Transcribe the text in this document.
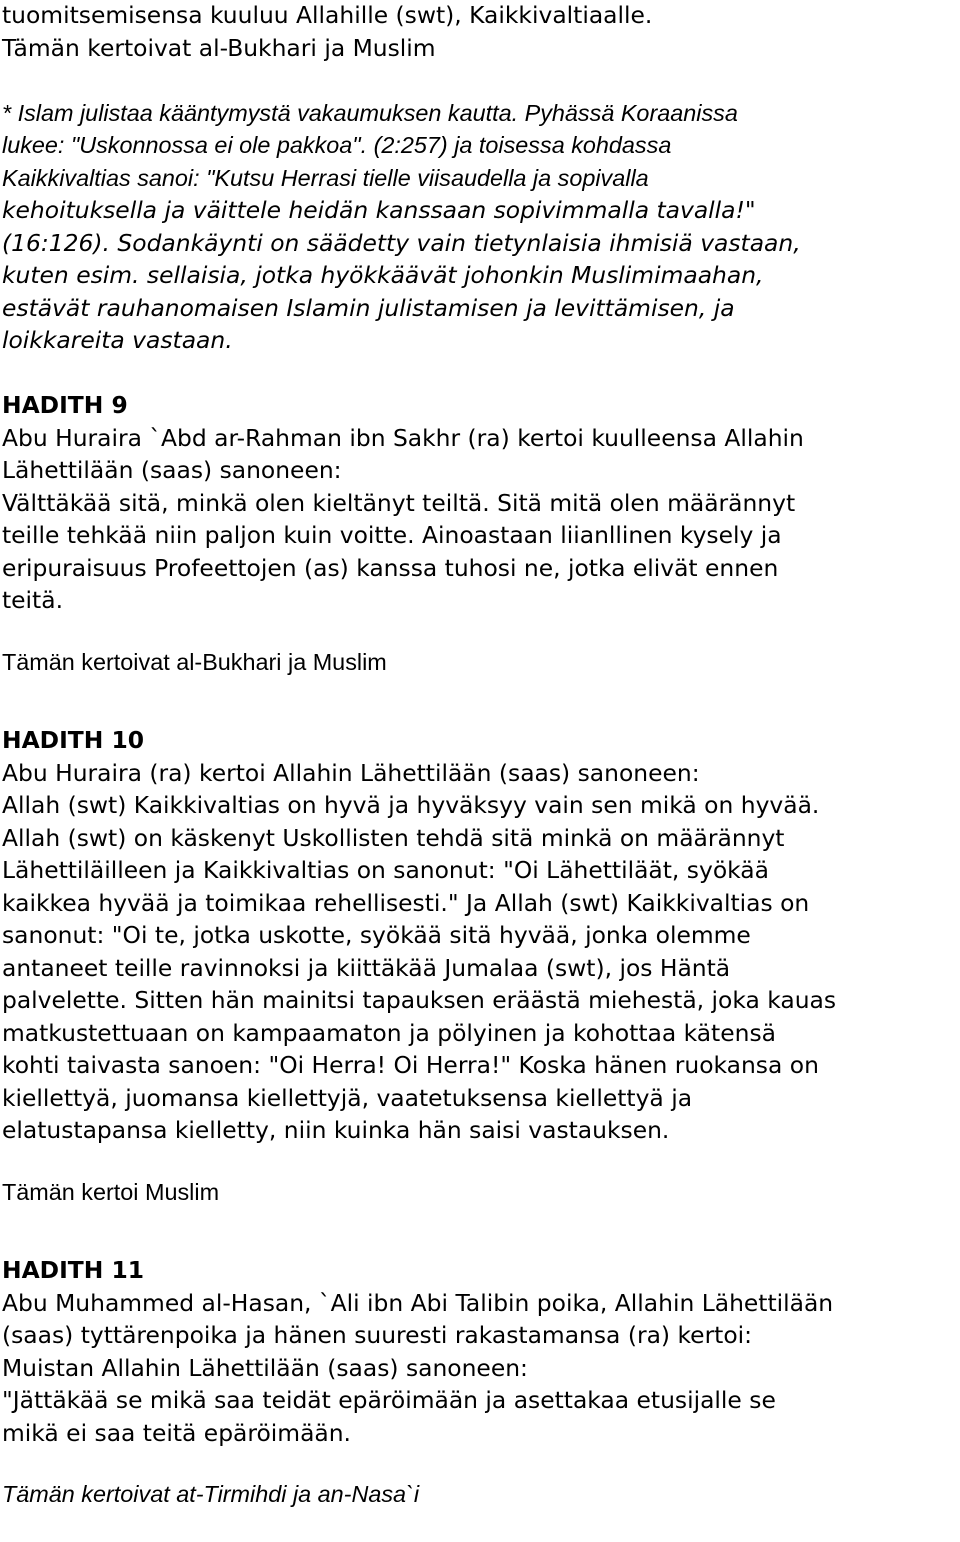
tuomitsemisensa kuuluu Allahille (swt), Kaikkivaltiaalle.
Tämän kertoivat al-Bukhari ja Muslim
* Islam julistaa kääntymystä vakaumuksen kautta. Pyhässä Koraanissa
lukee: "Uskonnossa ei ole pakkoa". (2:257) ja toisessa kohdassa
Kaikkivaltias sanoi: "Kutsu Herrasi tielle viisaudella ja sopivalla
kehoituksella ja väittele heidän kanssaan sopivimmalla tavalla!"
(16:126). Sodankäynti on säädetty vain tietynlaisia ihmisiä vastaan,
kuten esim. sellaisia, jotka hyökkäävät johonkin Muslimimaahan,
estävät rauhanomaisen Islamin julistamisen ja levittämisen, ja
loikkareita vastaan.
HADITH 9
Abu Huraira `Abd ar-Rahman ibn Sakhr (ra) kertoi kuulleensa Allahin
Lähettilään (saas) sanoneen:
Välttäkää sitä, minkä olen kieltänyt teiltä. Sitä mitä olen määrännyt
teille tehkää niin paljon kuin voitte. Ainoastaan liianllinen kysely ja
eripuraisuus Profeettojen (as) kanssa tuhosi ne, jotka elivät ennen
teitä.
Tämän kertoivat al-Bukhari ja Muslim
HADITH 10
Abu Huraira (ra) kertoi Allahin Lähettilään (saas) sanoneen:
Allah (swt) Kaikkivaltias on hyvä ja hyväksyy vain sen mikä on hyvää.
Allah (swt) on käskenyt Uskollisten tehdä sitä minkä on määrännyt
Lähettiläilleen ja Kaikkivaltias on sanonut: "Oi Lähettiläät, syökää
kaikkea hyvää ja toimikaa rehellisesti." Ja Allah (swt) Kaikkivaltias on
sanonut: "Oi te, jotka uskotte, syökää sitä hyvää, jonka olemme
antaneet teille ravinnoksi ja kiittäkää Jumalaa (swt), jos Häntä
palvelette. Sitten hän mainitsi tapauksen eräästä miehestä, joka kauas
matkustettuaan on kampaamaton ja pölyinen ja kohottaa kätensä
kohti taivasta sanoen: "Oi Herra! Oi Herra!" Koska hänen ruokansa on
kiellettyä, juomansa kiellettyjä, vaatetuksensa kiellettyä ja
elatustapansa kielletty, niin kuinka hän saisi vastauksen.
Tämän kertoi Muslim
HADITH 11
Abu Muhammed al-Hasan, `Ali ibn Abi Talibin poika, Allahin Lähettilään
(saas) tyttärenpoika ja hänen suuresti rakastamansa (ra) kertoi:
Muistan Allahin Lähettilään (saas) sanoneen:
"Jättäkää se mikä saa teidät epäröimään ja asettakaa etusijalle se
mikä ei saa teitä epäröimään.
Tämän kertoivat at-Tirmihdi ja an-Nasa`i
